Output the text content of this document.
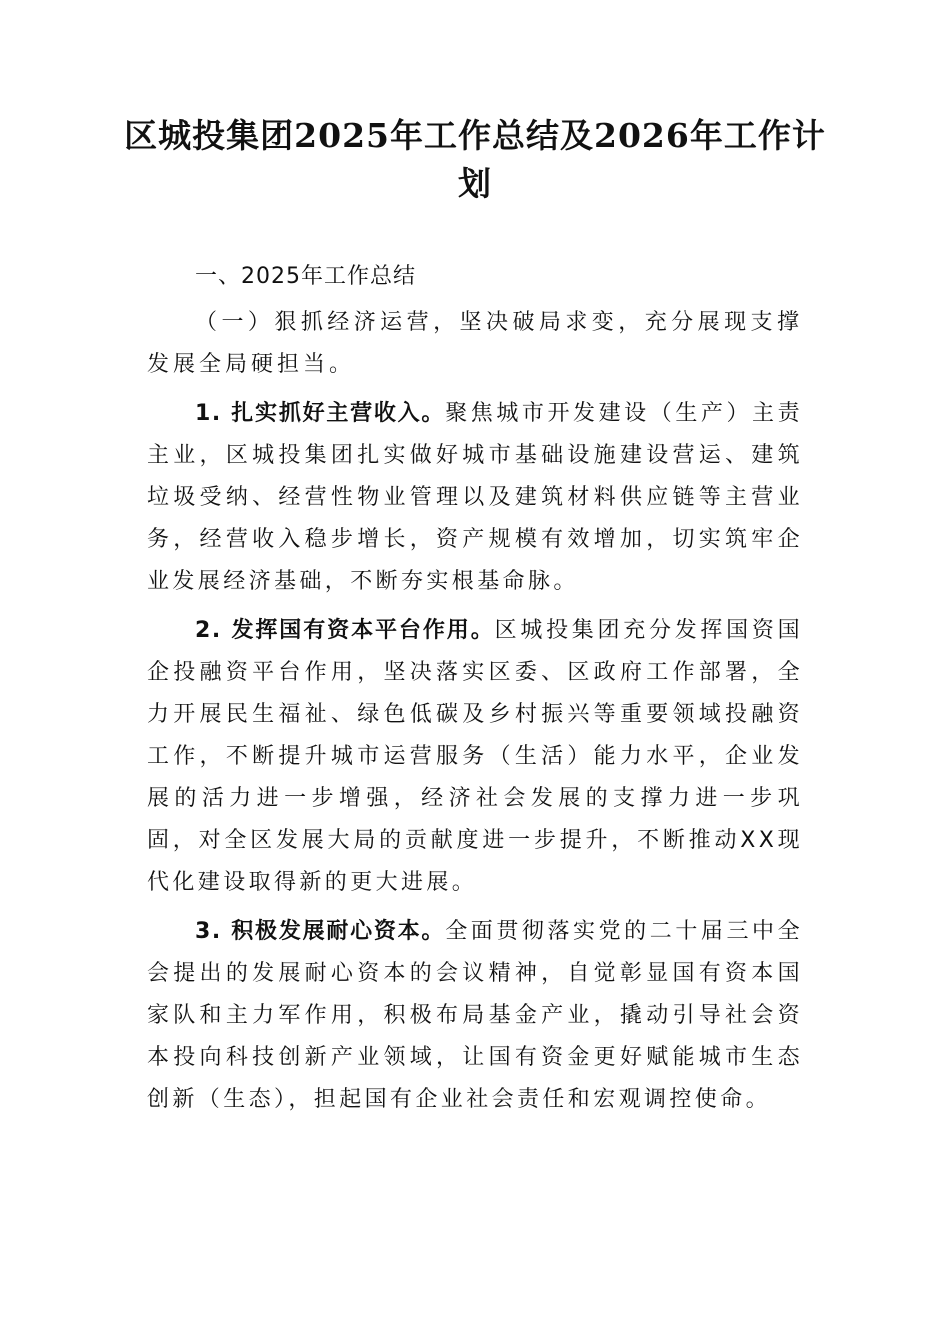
区城投集团2025年工作总结及2026年工作计划

一、2025年工作总结

（一）狠抓经济运营，坚决破局求变，充分展现支撑发展全局硬担当。

1. 扎实抓好主营收入。聚焦城市开发建设（生产）主责主业，区城投集团扎实做好城市基础设施建设营运、建筑垃圾受纳、经营性物业管理以及建筑材料供应链等主营业务，经营收入稳步增长，资产规模有效增加，切实筑牢企业发展经济基础，不断夯实根基命脉。

2. 发挥国有资本平台作用。区城投集团充分发挥国资国企投融资平台作用，坚决落实区委、区政府工作部署，全力开展民生福祉、绿色低碳及乡村振兴等重要领域投融资工作，不断提升城市运营服务（生活）能力水平，企业发展的活力进一步增强，经济社会发展的支撑力进一步巩固，对全区发展大局的贡献度进一步提升，不断推动XX现代化建设取得新的更大进展。

3. 积极发展耐心资本。全面贯彻落实党的二十届三中全会提出的发展耐心资本的会议精神，自觉彰显国有资本国家队和主力军作用，积极布局基金产业，撬动引导社会资本投向科技创新产业领域，让国有资金更好赋能城市生态创新（生态），担起国有企业社会责任和宏观调控使命。
